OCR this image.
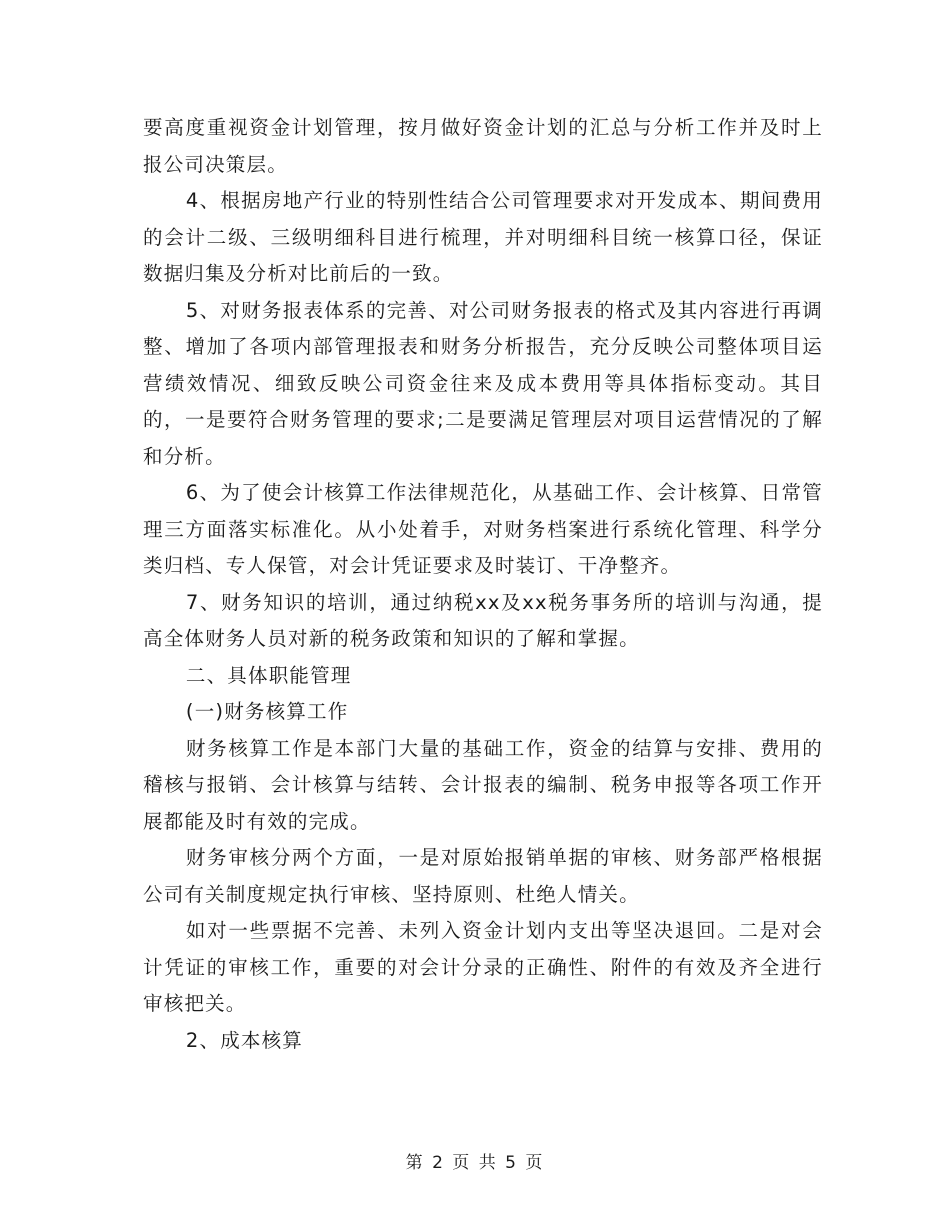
要高度重视资金计划管理，按月做好资金计划的汇总与分析工作并及时上报公司决策层。

4、根据房地产行业的特别性结合公司管理要求对开发成本、期间费用的会计二级、三级明细科目进行梳理，并对明细科目统一核算口径，保证数据归集及分析对比前后的一致。

5、对财务报表体系的完善、对公司财务报表的格式及其内容进行再调整、增加了各项内部管理报表和财务分析报告，充分反映公司整体项目运营绩效情况、细致反映公司资金往来及成本费用等具体指标变动。其目的，一是要符合财务管理的要求;二是要满足管理层对项目运营情况的了解和分析。

6、为了使会计核算工作法律规范化，从基础工作、会计核算、日常管理三方面落实标准化。从小处着手，对财务档案进行系统化管理、科学分类归档、专人保管，对会计凭证要求及时装订、干净整齐。

7、财务知识的培训，通过纳税xx及xx税务事务所的培训与沟通，提高全体财务人员对新的税务政策和知识的了解和掌握。

二、具体职能管理

(一)财务核算工作

财务核算工作是本部门大量的基础工作，资金的结算与安排、费用的稽核与报销、会计核算与结转、会计报表的编制、税务申报等各项工作开展都能及时有效的完成。

财务审核分两个方面，一是对原始报销单据的审核、财务部严格根据公司有关制度规定执行审核、坚持原则、杜绝人情关。

如对一些票据不完善、未列入资金计划内支出等坚决退回。二是对会计凭证的审核工作，重要的对会计分录的正确性、附件的有效及齐全进行审核把关。

2、成本核算

第 2 页 共 5 页
